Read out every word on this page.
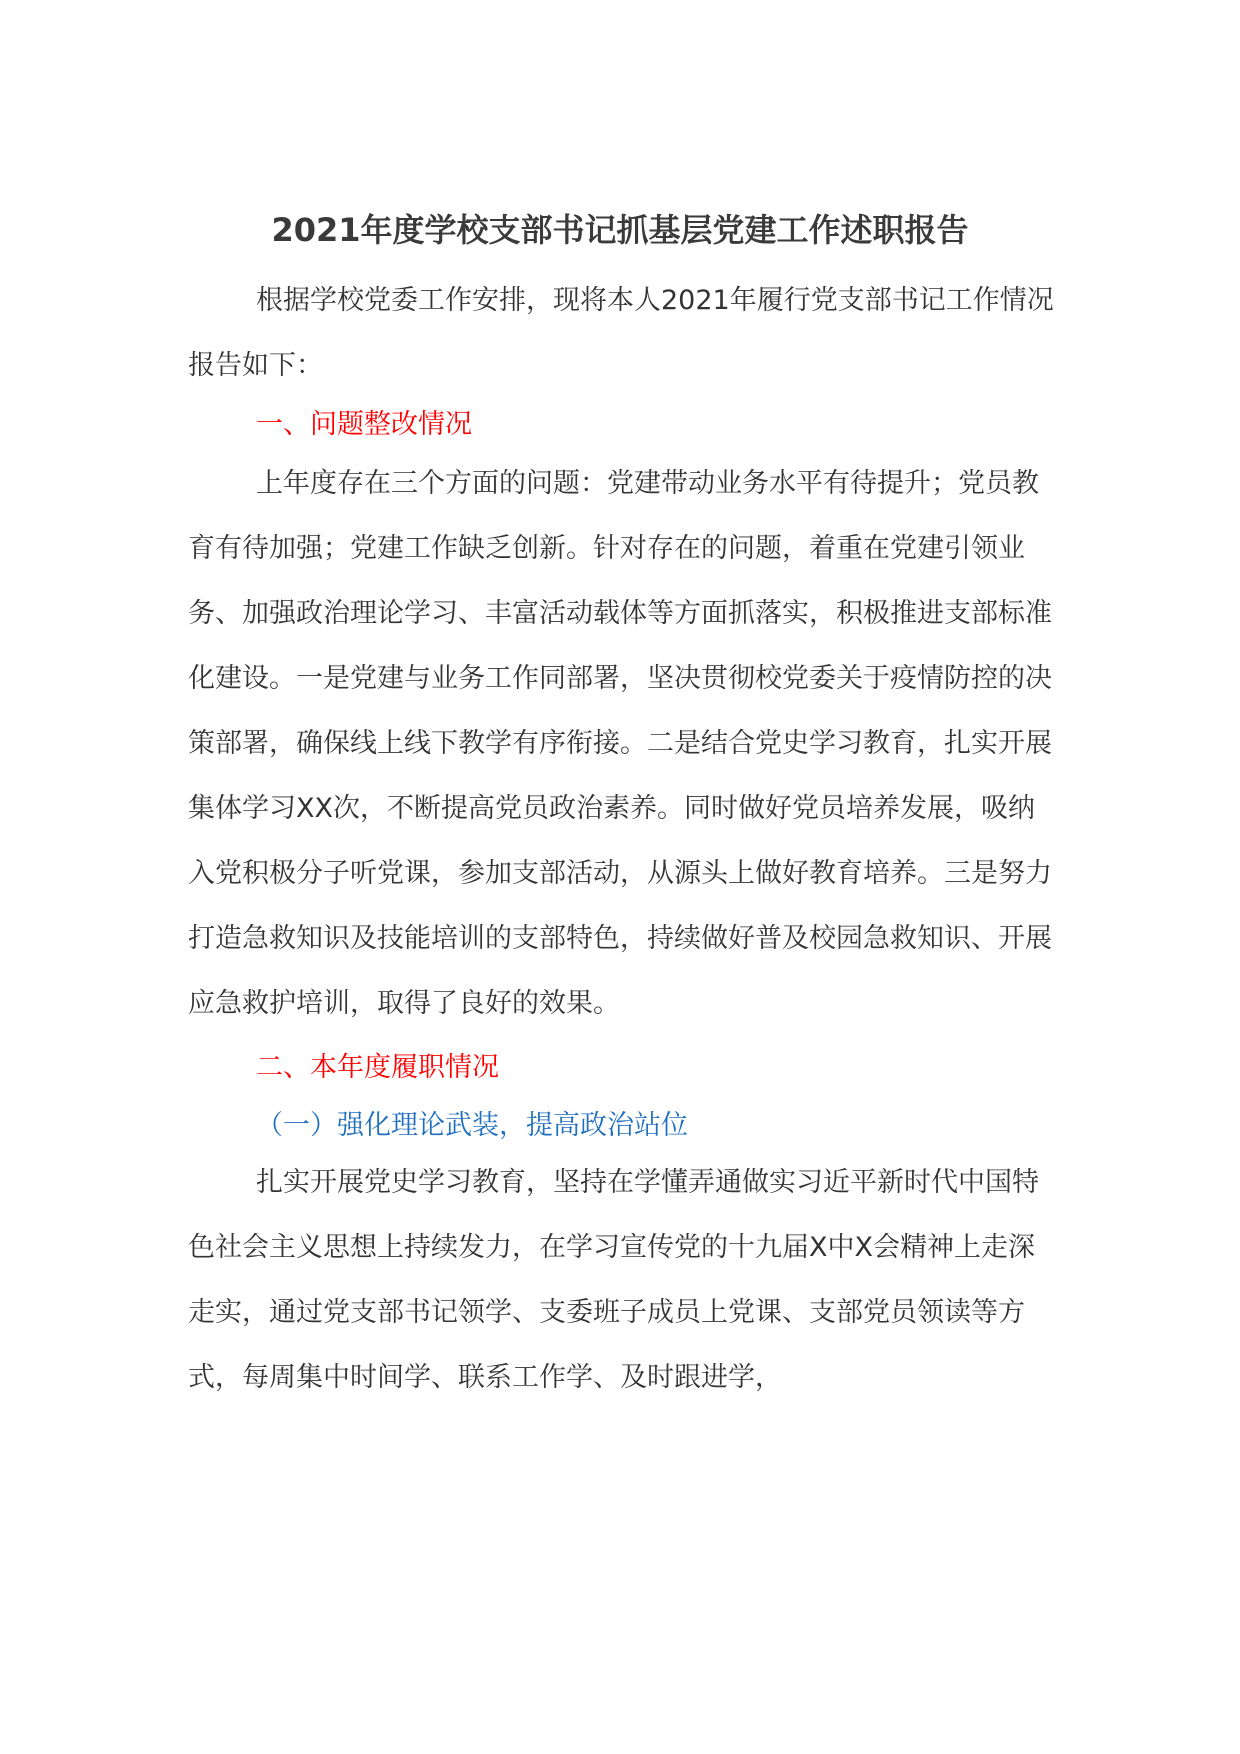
2021年度学校支部书记抓基层党建工作述职报告

根据学校党委工作安排，现将本人2021年履行党支部书记工作情况报告如下：

一、问题整改情况

上年度存在三个方面的问题：党建带动业务水平有待提升；党员教育有待加强；党建工作缺乏创新。针对存在的问题，着重在党建引领业务、加强政治理论学习、丰富活动载体等方面抓落实，积极推进支部标准化建设。一是党建与业务工作同部署，坚决贯彻校党委关于疫情防控的决策部署，确保线上线下教学有序衔接。二是结合党史学习教育，扎实开展集体学习XX次，不断提高党员政治素养。同时做好党员培养发展，吸纳入党积极分子听党课，参加支部活动，从源头上做好教育培养。三是努力打造急救知识及技能培训的支部特色，持续做好普及校园急救知识、开展应急救护培训，取得了良好的效果。

二、本年度履职情况

（一）强化理论武装，提高政治站位

扎实开展党史学习教育，坚持在学懂弄通做实习近平新时代中国特色社会主义思想上持续发力，在学习宣传党的十九届X中X会精神上走深走实，通过党支部书记领学、支委班子成员上党课、支部党员领读等方式，每周集中时间学、联系工作学、及时跟进学，
